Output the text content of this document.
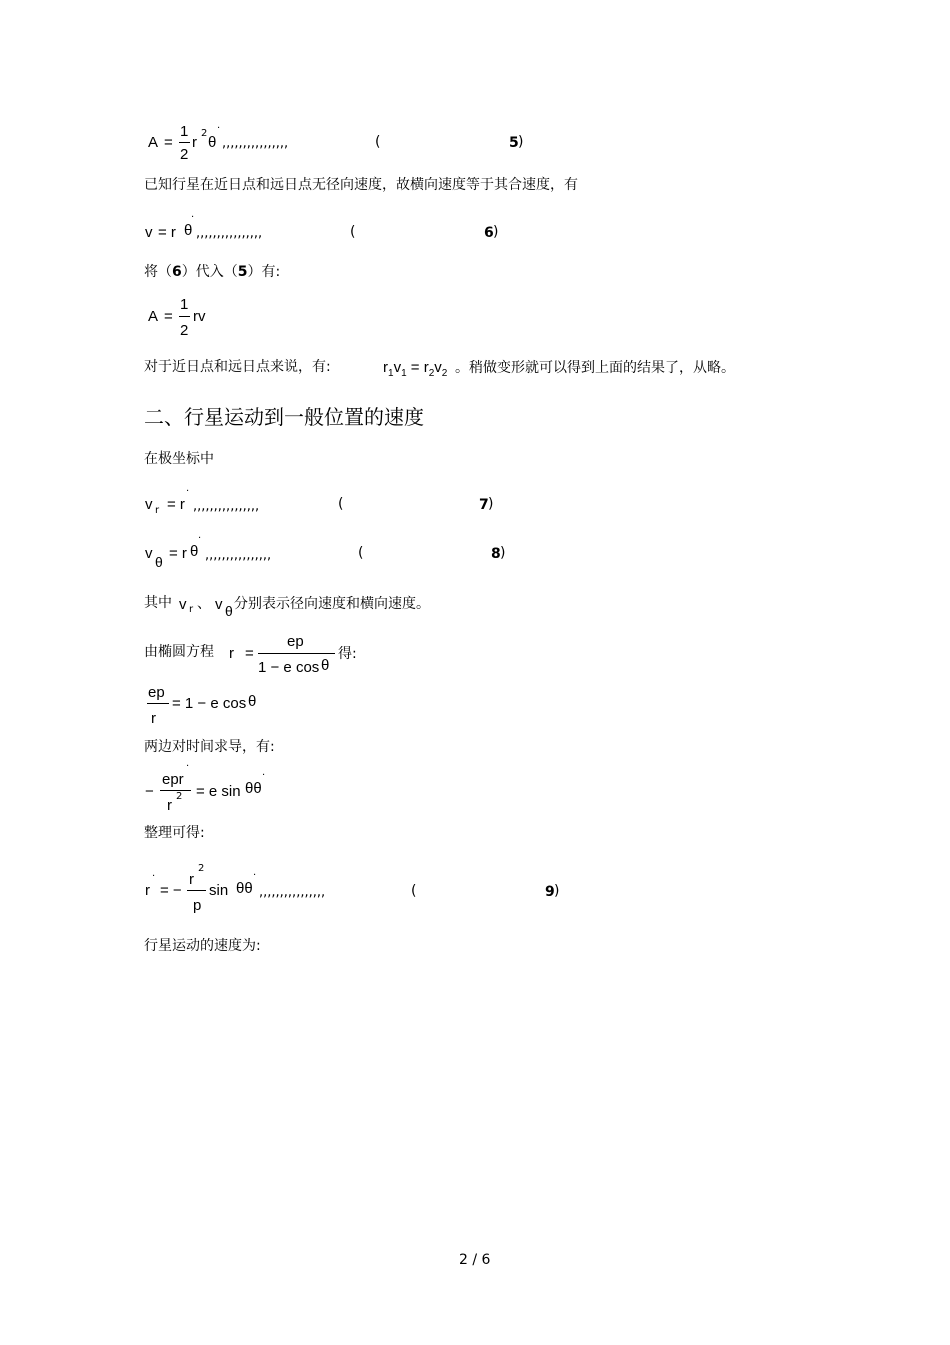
A =
1
2
r
2
θ
·
,,,,,,,,,,,,,,,,	(	5 )
已知行星在近日点和远日点无径向速度，故横向速度等于其合速度，有
v = r θ
·
,,,,,,,,,,,,,,,,	(	6 )
将（6）代入（5）有:
A =
1
2
rv
对于近日点和远日点来说，有:	$r_1v_1 = r_2v_2$ 。稍做变形就可以得到上面的结果了，从略。
二、行星运动到一般位置的速度
在极坐标中
v r = r
·
,,,,,,,,,,,,,,,,	(	7 )
v θ = r θ
·
,,,,,,,,,,,,,,,,	(	8 )
其中 v r 、 v θ 分别表示径向速度和横向速度。
由椭圆方程 r =
ep
1 − e cos θ
得:
ep
r
= 1 − e cos θ
两边对时间求导，有:
−
epr
·
r
2 = e sin θθ
·
整理可得:
r
·
= −
r
2
p
sin θθ
·
,,,,,,,,,,,,,,,,	(	9 )
行星运动的速度为:
2 / 6
